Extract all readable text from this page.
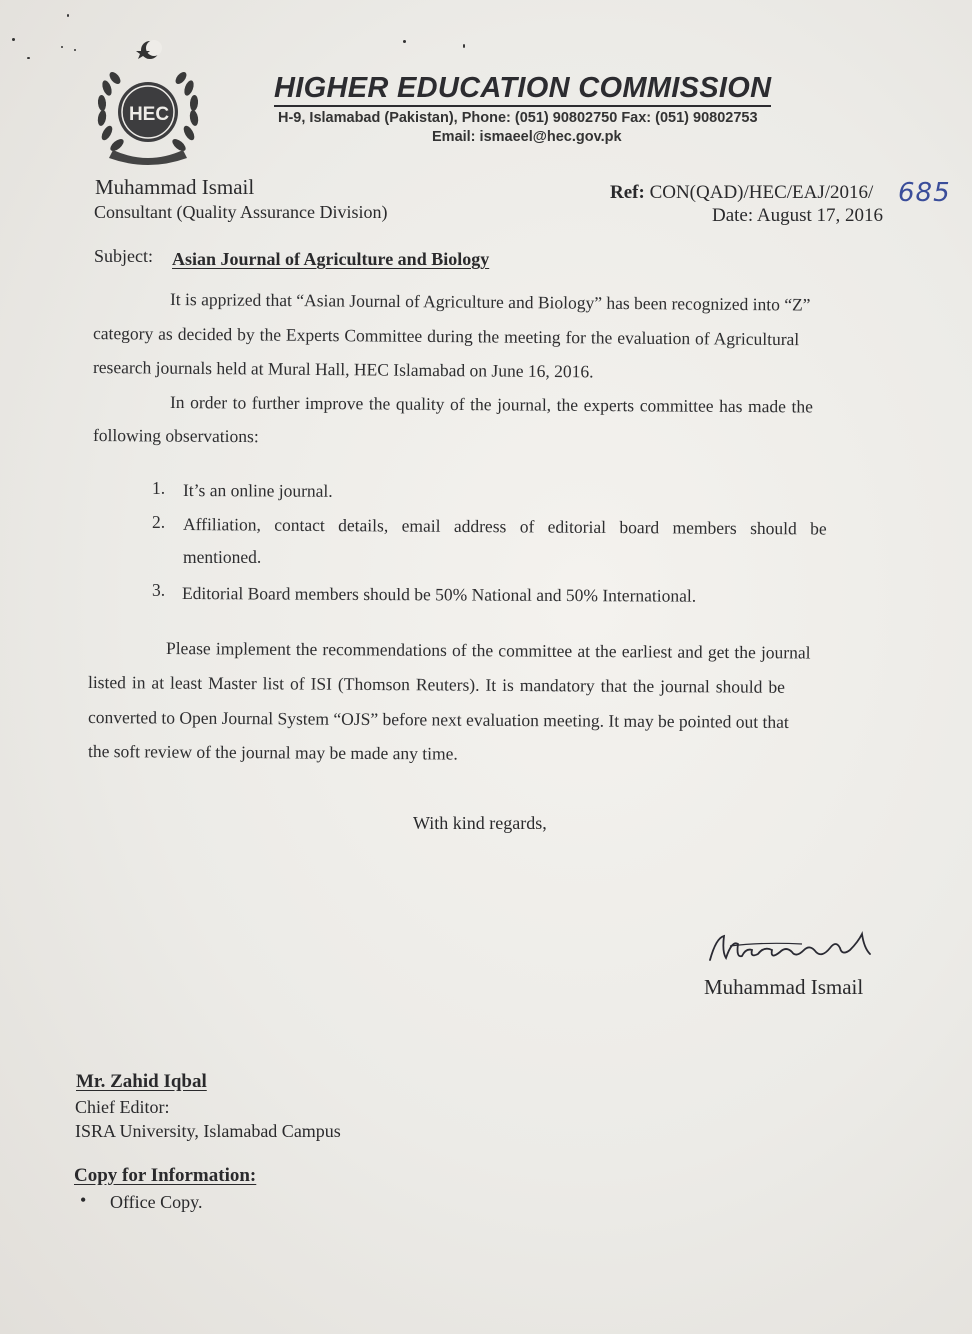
HEC
HIGHER EDUCATION COMMISSION
H-9, Islamabad (Pakistan), Phone: (051) 90802750 Fax: (051) 90802753
Email: ismaeel@hec.gov.pk
Muhammad Ismail
Consultant (Quality Assurance Division)
Ref: CON(QAD)/HEC/EAJ/2016/ 685
Date: August 17, 2016
Subject: Asian Journal of Agriculture and Biology
It is apprized that “Asian Journal of Agriculture and Biology” has been recognized into “Z”
category as decided by the Experts Committee during the meeting for the evaluation of Agricultural
research journals held at Mural Hall, HEC Islamabad on June 16, 2016.
In order to further improve the quality of the journal, the experts committee has made the
following observations:
1. It’s an online journal.
2. Affiliation, contact details, email address of editorial board members should be
mentioned.
3. Editorial Board members should be 50% National and 50% International.
Please implement the recommendations of the committee at the earliest and get the journal
listed in at least Master list of ISI (Thomson Reuters). It is mandatory that the journal should be
converted to Open Journal System “OJS” before next evaluation meeting. It may be pointed out that
the soft review of the journal may be made any time.
With kind regards,
Muhammad Ismail
Mr. Zahid Iqbal
Chief Editor:
ISRA University, Islamabad Campus
Copy for Information:
• Office Copy.
